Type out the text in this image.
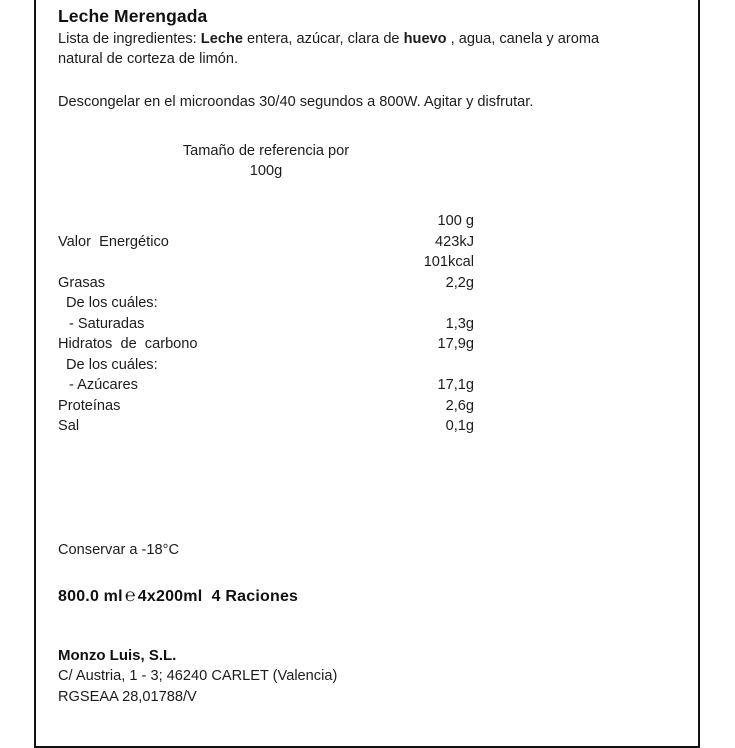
Leche Merengada
Lista de ingredientes: Leche entera, azúcar, clara de huevo , agua, canela y aroma natural de corteza de limón.
Descongelar en el microondas 30/40 segundos a 800W. Agitar y disfrutar.
Tamaño de referencia por
100g
100 g
Valor  Energético	423kJ
101kcal
Grasas	2,2g
De los cuáles:
- Saturadas	1,3g
Hidratos  de  carbono	17,9g
De los cuáles:
- Azúcares	17,1g
Proteínas	2,6g
Sal	0,1g
Conservar a -18°C
800.0 ml ℮ 4x200ml 4 Raciones
Monzo Luis, S.L.
C/ Austria, 1 - 3; 46240 CARLET (Valencia)
RGSEAA 28,01788/V
